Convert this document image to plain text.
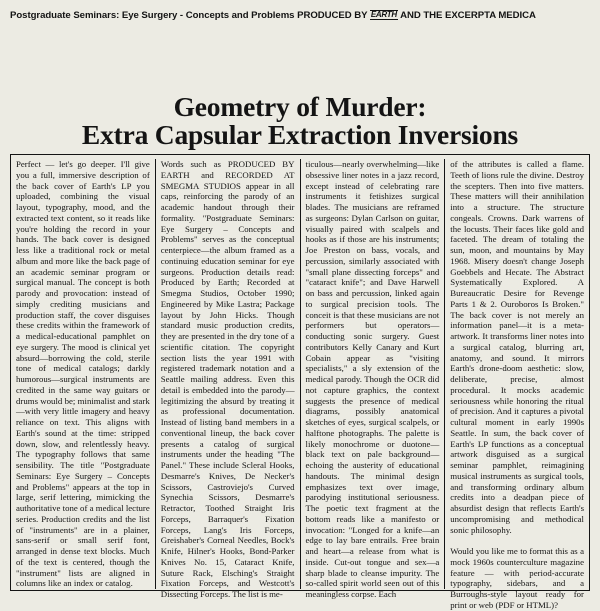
Postgraduate Seminars: Eye Surgery - Concepts and Problems PRODUCED BY EARTH AND THE EXCERPTA MEDICA
Geometry of Murder:
Extra Capsular Extraction Inversions

Perfect — let's go deeper. I'll give you a full, immersive description of the back cover of Earth's LP you uploaded, combining the visual layout, typography, mood, and the extracted text content, so it reads like you're holding the record in your hands. The back cover is designed less like a traditional rock or metal album and more like the back page of an academic seminar program or surgical manual. The concept is both parody and provocation: instead of simply crediting musicians and production staff, the cover disguises these credits within the framework of a medical-educational pamphlet on eye surgery. The mood is clinical yet absurd—borrowing the cold, sterile tone of medical catalogs; darkly humorous—surgical instruments are credited in the same way guitars or drums would be; minimalist and stark—with very little imagery and heavy reliance on text. This aligns with Earth's sound at the time: stripped down, slow, and relentlessly heavy. The typography follows that same sensibility. The title "Postgraduate Seminars: Eye Surgery – Concepts and Problems" appears at the top in large, serif lettering, mimicking the authoritative tone of a medical lecture series. Production credits and the list of "instruments" are in a plainer, sans-serif or small serif font, arranged in dense text blocks. Much of the text is centered, though the "instrument" lists are aligned in columns like an index or catalog.

Words such as PRODUCED BY EARTH and RECORDED AT SMEGMA STUDIOS appear in all caps, reinforcing the parody of an academic handout through their formality. "Postgraduate Seminars: Eye Surgery – Concepts and Problems" serves as the conceptual centerpiece—the album framed as a continuing education seminar for eye surgeons. Production details read: Produced by Earth; Recorded at Smegma Studios, October 1990; Engineered by Mike Lastra; Package layout by John Hicks. Though standard music production credits, they are presented in the dry tone of a scientific citation. The copyright section lists the year 1991 with registered trademark notation and a Seattle mailing address. Even this detail is embedded into the parody—legitimizing the absurd by treating it as professional documentation. Instead of listing band members in a conventional lineup, the back cover presents a catalog of surgical instruments under the heading "The Panel." These include Scleral Hooks, Desmarre's Knives, De Necker's Scissors, Castroviejo's Curved Synechia Scissors, Desmarre's Retractor, Toothed Straight Iris Forceps, Barraquer's Fixation Forceps, Lang's Iris Forceps, Greishaber's Corneal Needles, Bock's Knife, Hilner's Hooks, Bond-Parker Knives No. 15, Cataract Knife, Suture Rack, Elsching's Straight Fixation Forceps, and Westcott's Dissecting Forceps. The list is me-

ticulous—nearly overwhelming—like obsessive liner notes in a jazz record, except instead of celebrating rare instruments it fetishizes surgical blades. The musicians are reframed as surgeons: Dylan Carlson on guitar, visually paired with scalpels and hooks as if those are his instruments; Joe Preston on bass, vocals, and percussion, similarly associated with "small plane dissecting forceps" and "cataract knife"; and Dave Harwell on bass and percussion, linked again to surgical precision tools. The conceit is that these musicians are not performers but operators—conducting sonic surgery. Guest contributors Kelly Canary and Kurt Cobain appear as "visiting specialists," a sly extension of the medical parody. Though the OCR did not capture graphics, the context suggests the presence of medical diagrams, possibly anatomical sketches of eyes, surgical scalpels, or halftone photographs. The palette is likely monochrome or duotone—black text on pale background—echoing the austerity of educational handouts. The minimal design emphasizes text over image, parodying institutional seriousness. The poetic text fragment at the bottom reads like a manifesto or invocation: "Longed for a knife—an edge to lay bare entrails. Free brain and heart—a release from what is inside. Cut-out tongue and sex—a sharp blade to cleanse impurity. The so-called spirit world seen out of this meaningless corpse. Each

of the attributes is called a flame. Teeth of lions rule the divine. Destroy the scepters. Then into five matters. These matters will their annihilation into a structure. The structure congeals. Crowns. Dark warrens of the locusts. Their faces like gold and faceted. The dream of totaling the sun, moon, and mountains by May 1968. Misery doesn't change Joseph Goebbels and Hecate. The Abstract Systematically Explored. A Bureaucratic Desire for Revenge Parts 1 & 2. Ouroboros Is Broken." The back cover is not merely an information panel—it is a meta-artwork. It transforms liner notes into a surgical catalog, blurring art, anatomy, and sound. It mirrors Earth's drone-doom aesthetic: slow, deliberate, precise, almost procedural. It mocks academic seriousness while honoring the ritual of precision. And it captures a pivotal cultural moment in early 1990s Seattle. In sum, the back cover of Earth's LP functions as a conceptual artwork disguised as a surgical seminar pamphlet, reimagining musical instruments as surgical tools, and transforming ordinary album credits into a deadpan piece of absurdist design that reflects Earth's uncompromising and methodical sonic philosophy.

Would you like me to format this as a mock 1960s counterculture magazine feature — with period-accurate typography, sidebars, and a Burroughs-style layout ready for print or web (PDF or HTML)?
